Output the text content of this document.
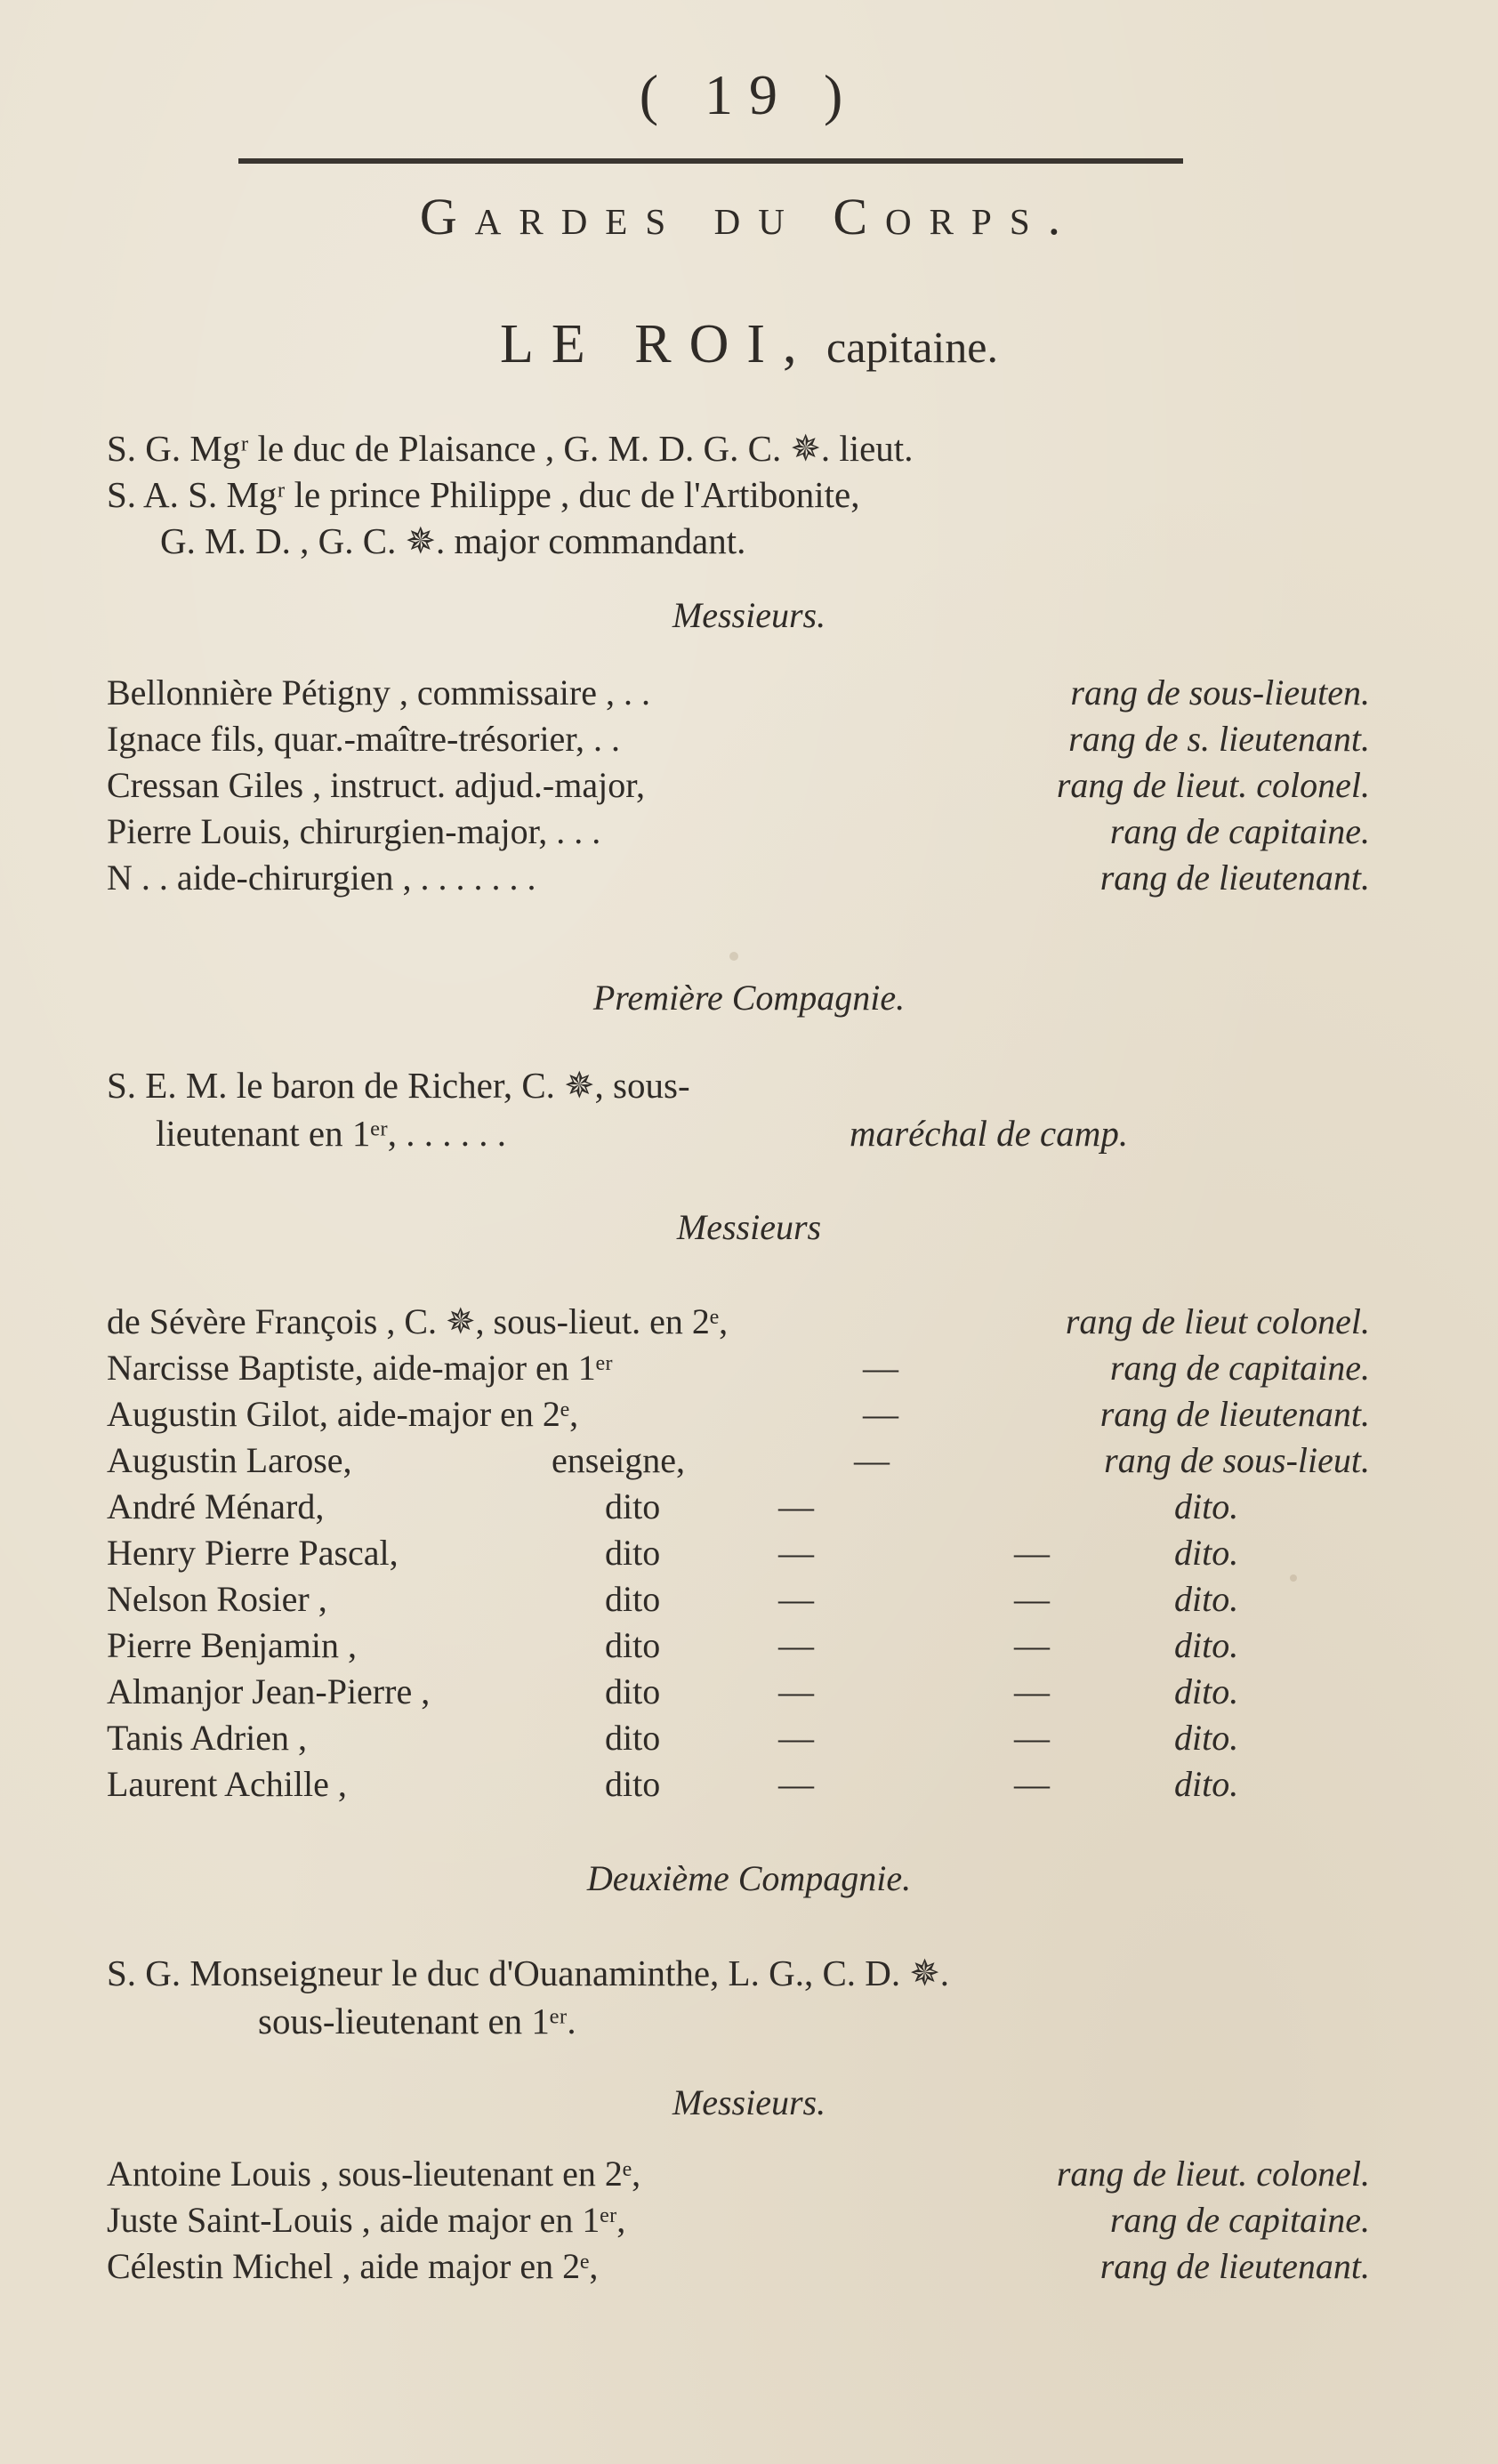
( 19 )
Gardes du Corps.
LE ROI, capitaine.
S. G. Mgʳ le duc de Plaisance , G. M. D. G. C. ✵. lieut.
S. A. S. Mgʳ le prince Philippe , duc de l'Artibonite,
G. M. D. , G. C. ✵. major commandant.
Messieurs.
Bellonnière Pétigny , commissaire , . .	rang de sous-lieuten.
Ignace fils, quar.-maître-trésorier, . .	rang de s. lieutenant.
Cressan Giles , instruct. adjud.-major,	rang de lieut. colonel.
Pierre Louis, chirurgien-major, . . .	rang de capitaine.
N . . aide-chirurgien , . . . . . . .	rang de lieutenant.
Première Compagnie.
S. E. M. le baron de Richer, C. ✵, sous-
lieutenant en 1ᵉʳ, . . . . . .	maréchal de camp.
Messieurs
de Sévère François , C. ✵, sous-lieut. en 2ᵉ,	rang de lieut colonel.
Narcisse Baptiste, aide-major en 1ᵉʳ	—	rang de capitaine.
Augustin Gilot, aide-major en 2ᵉ,	—	rang de lieutenant.
Augustin Larose,	enseigne,	—	rang de sous-lieut.
André Ménard,	dito	—	dito.
Henry Pierre Pascal,	dito	—	—	dito.
Nelson Rosier ,	dito	—	—	dito.
Pierre Benjamin ,	dito	—	—	dito.
Almanjor Jean-Pierre ,	dito	—	—	dito.
Tanis Adrien ,	dito	—	—	dito.
Laurent Achille ,	dito	—	—	dito.
Deuxième Compagnie.
S. G. Monseigneur le duc d'Ouanaminthe, L. G., C. D. ✵.
sous-lieutenant en 1ᵉʳ.
Messieurs.
Antoine Louis , sous-lieutenant en 2ᵉ,	rang de lieut. colonel.
Juste Saint-Louis , aide major en 1ᵉʳ,	rang de capitaine.
Célestin Michel , aide major en 2ᵉ,	rang de lieutenant.
